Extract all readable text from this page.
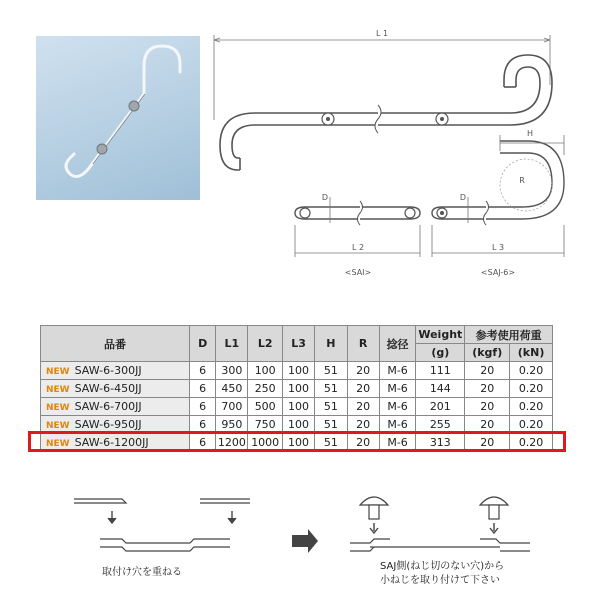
L 1
D
L 2
<SAI>
H
R
D
L 3
<SAJ-6>
品番	D	L1	L2	L3	H	R	捻径	Weight	参考使用荷重	
								(g)	(kgf)	(kN)
NEW SAW-6-300JJ	6	300	100	100	51	20	M-6	111	20	0.20
NEW SAW-6-450JJ	6	450	250	100	51	20	M-6	144	20	0.20
NEW SAW-6-700JJ	6	700	500	100	51	20	M-6	201	20	0.20
NEW SAW-6-950JJ	6	950	750	100	51	20	M-6	255	20	0.20
NEW SAW-6-1200JJ	6	1200	1000	100	51	20	M-6	313	20	0.20
取付け穴を重ねる
SAJ側(ねじ切のない穴)から
小ねじを取り付けて下さい
